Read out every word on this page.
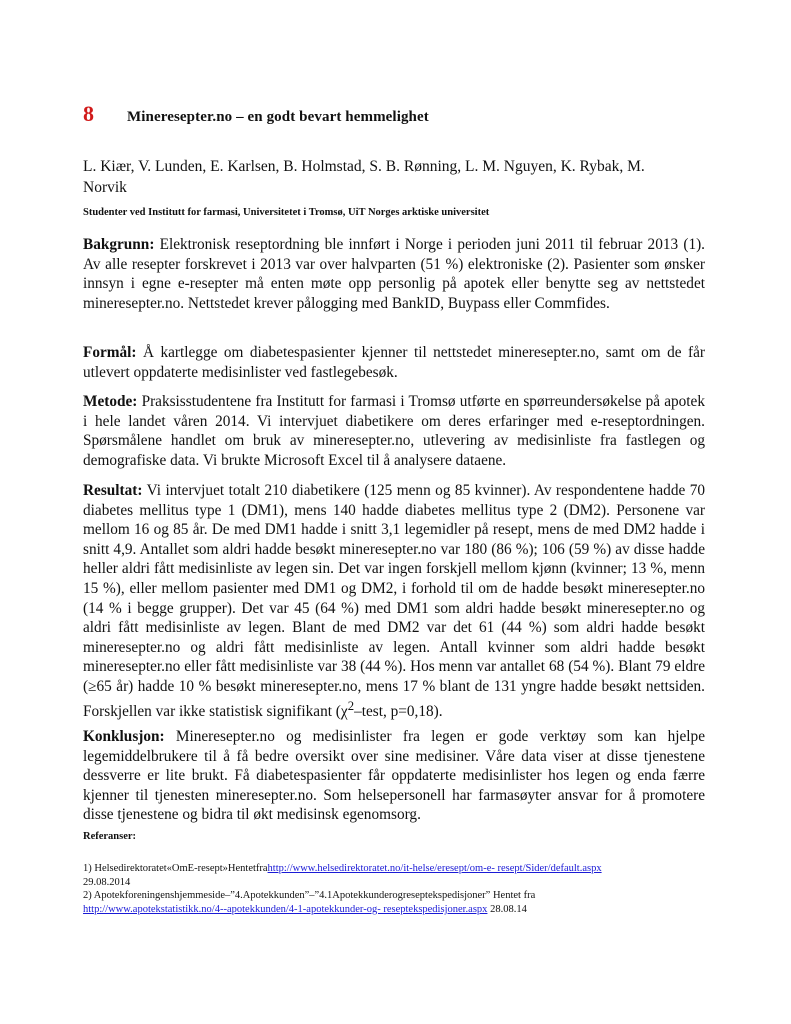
8	Mineresepter.no – en godt bevart hemmelighet
L. Kiær, V. Lunden, E. Karlsen, B. Holmstad, S. B. Rønning, L. M. Nguyen, K. Rybak, M. Norvik
Studenter ved Institutt for farmasi, Universitetet i Tromsø, UiT Norges arktiske universitet
Bakgrunn: Elektronisk reseptordning ble innført i Norge i perioden juni 2011 til februar 2013 (1). Av alle resepter forskrevet i 2013 var over halvparten (51 %) elektroniske (2). Pasienter som ønsker innsyn i egne e-resepter må enten møte opp personlig på apotek eller benytte seg av nettstedet mineresepter.no. Nettstedet krever pålogging med BankID, Buypass eller Commfides.
Formål: Å kartlegge om diabetespasienter kjenner til nettstedet mineresepter.no, samt om de får utlevert oppdaterte medisinlister ved fastlegebesøk.
Metode: Praksisstudentene fra Institutt for farmasi i Tromsø utførte en spørreundersøkelse på apotek i hele landet våren 2014. Vi intervjuet diabetikere om deres erfaringer med e-reseptordningen. Spørsmålene handlet om bruk av mineresepter.no, utlevering av medisinliste fra fastlegen og demografiske data. Vi brukte Microsoft Excel til å analysere dataene.
Resultat: Vi intervjuet totalt 210 diabetikere (125 menn og 85 kvinner). Av respondentene hadde 70 diabetes mellitus type 1 (DM1), mens 140 hadde diabetes mellitus type 2 (DM2). Personene var mellom 16 og 85 år. De med DM1 hadde i snitt 3,1 legemidler på resept, mens de med DM2 hadde i snitt 4,9. Antallet som aldri hadde besøkt mineresepter.no var 180 (86 %); 106 (59 %) av disse hadde heller aldri fått medisinliste av legen sin. Det var ingen forskjell mellom kjønn (kvinner; 13 %, menn 15 %), eller mellom pasienter med DM1 og DM2, i forhold til om de hadde besøkt mineresepter.no (14 % i begge grupper). Det var 45 (64 %) med DM1 som aldri hadde besøkt mineresepter.no og aldri fått medisinliste av legen. Blant de med DM2 var det 61 (44 %) som aldri hadde besøkt mineresepter.no og aldri fått medisinliste av legen. Antall kvinner som aldri hadde besøkt mineresepter.no eller fått medisinliste var 38 (44 %). Hos menn var antallet 68 (54 %). Blant 79 eldre (≥65 år) hadde 10 % besøkt mineresepter.no, mens 17 % blant de 131 yngre hadde besøkt nettsiden. Forskjellen var ikke statistisk signifikant ($\chi^2$–test, p=0,18).
Konklusjon: Mineresepter.no og medisinlister fra legen er gode verktøy som kan hjelpe legemiddelbrukere til å få bedre oversikt over sine medisiner. Våre data viser at disse tjenestene dessverre er lite brukt. Få diabetespasienter får oppdaterte medisinlister hos legen og enda færre kjenner til tjenesten mineresepter.no. Som helsepersonell har farmasøyter ansvar for å promotere disse tjenestene og bidra til økt medisinsk egenomsorg.
Referanser:
1) Helsedirektoratet«OmE-resept»Hentetfrahttp://www.helsedirektoratet.no/it-helse/eresept/om-e- resept/Sider/default.aspx
29.08.2014
2) Apotekforeningenshjemmeside–”4.Apotekkunden”–”4.1Apotekkunderogreseptekspedisjoner” Hentet fra
http://www.apotekstatistikk.no/4--apotekkunden/4-1-apotekkunder-og- reseptekspedisjoner.aspx 28.08.14
